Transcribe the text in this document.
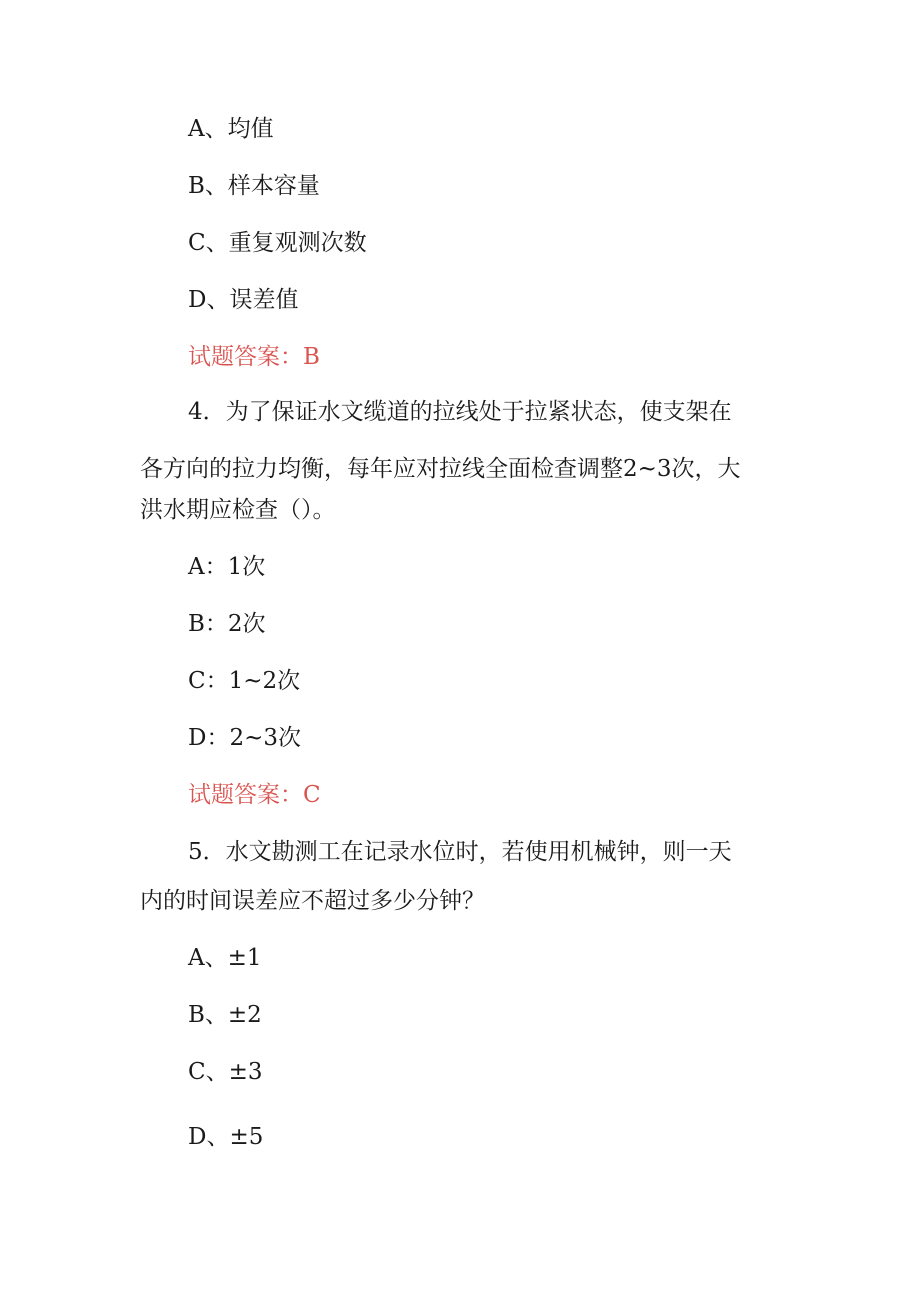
A、均值
B、样本容量
C、重复观测次数
D、误差值
试题答案：B
4．为了保证水文缆道的拉线处于拉紧状态，使支架在
各方向的拉力均衡，每年应对拉线全面检查调整2~3次，大
洪水期应检查（）。
A：1次
B：2次
C：1~2次
D：2~3次
试题答案：C
5．水文勘测工在记录水位时，若使用机械钟，则一天
内的时间误差应不超过多少分钟？
A、±1
B、±2
C、±3
D、±5
